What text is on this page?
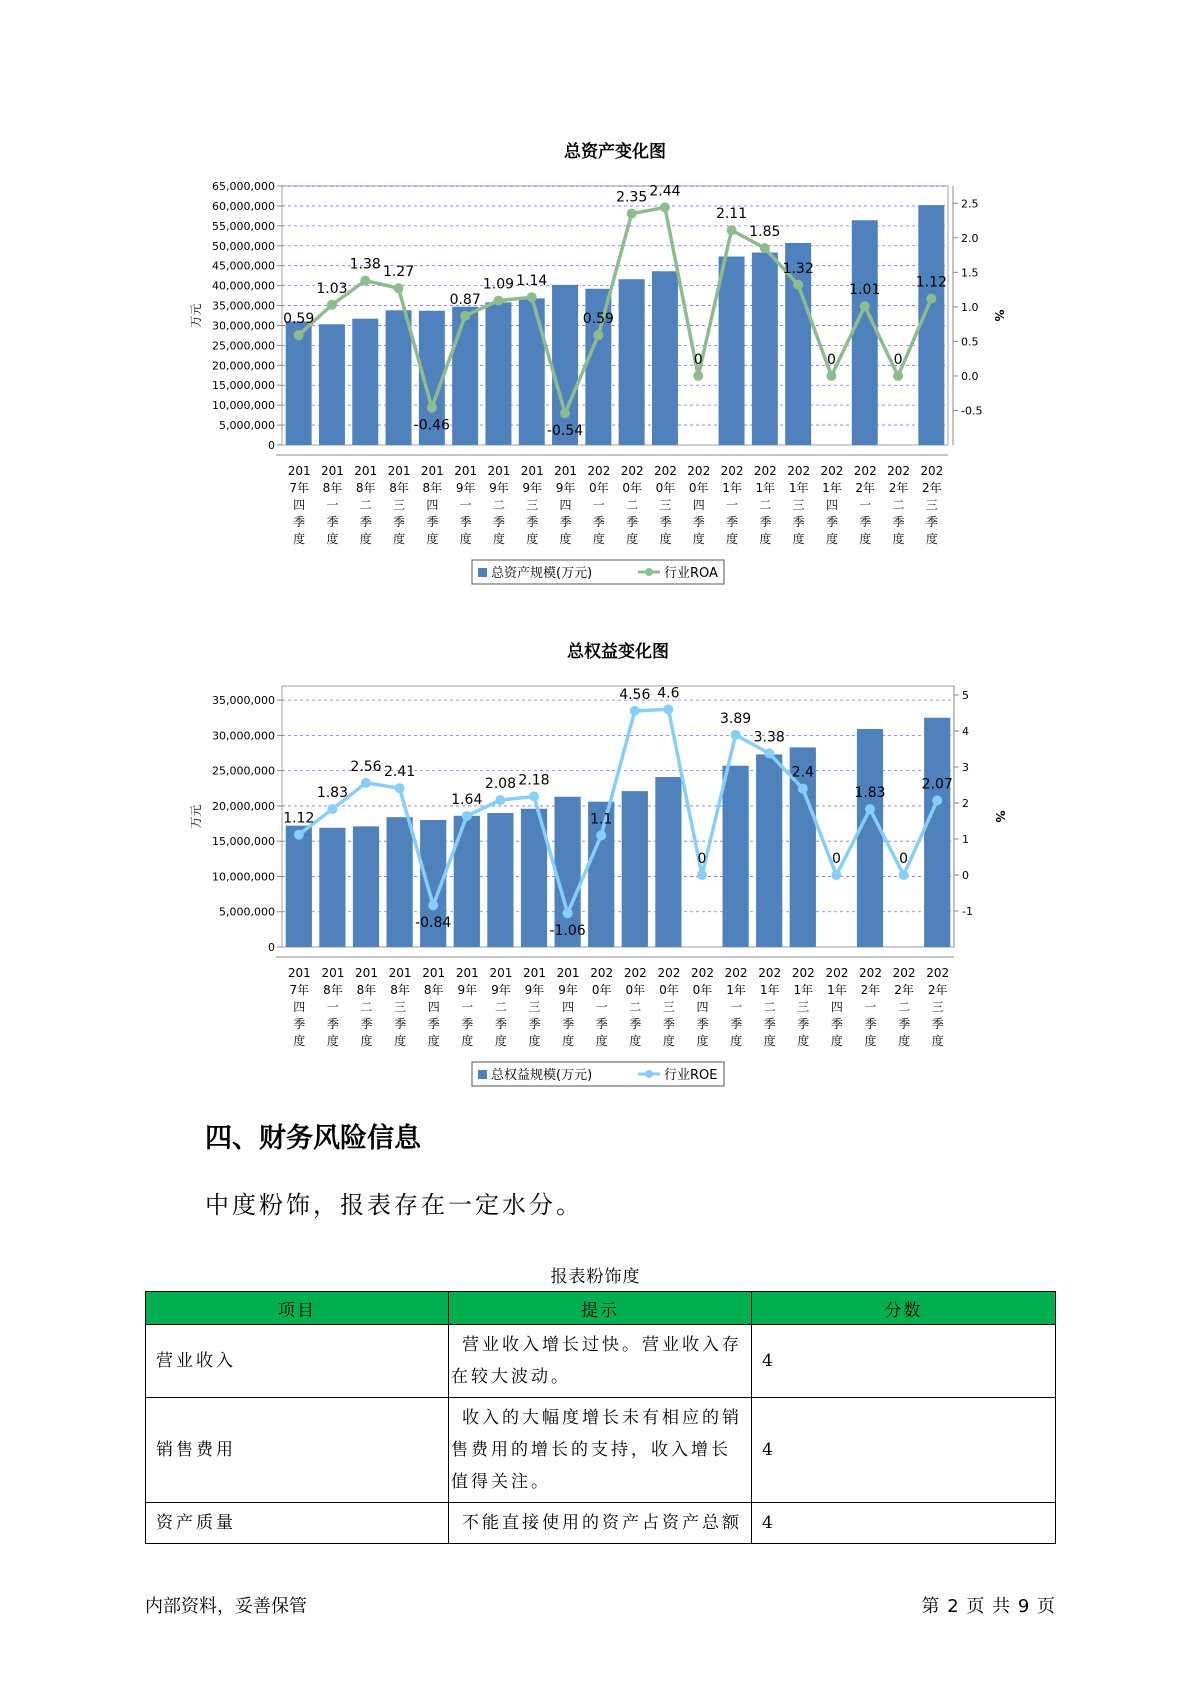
总资产变化图
0
5,000,000
10,000,000
15,000,000
20,000,000
25,000,000
30,000,000
35,000,000
40,000,000
45,000,000
50,000,000
55,000,000
60,000,000
65,000,000
-0.5
0.0
0.5
1.0
1.5
2.0
2.5
万元	%
0.59
1.03
1.38 1.27
-0.46
0.87
1.09 1.14
-0.54
0.59
2.35 2.44
0
2.11
1.85
1.32
0
1.01
0
1.12
201
7年
四
季
度
201
8年
一
季
度
201
8年
二
季
度
201
8年
三
季
度
201
8年
四
季
度
201
9年
一
季
度
201
9年
二
季
度
201
9年
三
季
度
201
9年
四
季
度
202
0年
一
季
度
202
0年
二
季
度
202
0年
三
季
度
202
0年
四
季
度
202
1年
一
季
度
202
1年
二
季
度
202
1年
三
季
度
202
1年
四
季
度
202
2年
一
季
度
202
2年
二
季
度
202
2年
三
季
度
总资产规模(万元)	行业ROA
总权益变化图
0
5,000,000
10,000,000
15,000,000
20,000,000
25,000,000
30,000,000
35,000,000
-1
0
1
2
3
4
5
万元	%
1.12
1.83
2.56 2.41
-0.84
1.64
2.08 2.18
-1.06
1.1
4.56 4.6
0
3.89
3.38
2.4
0
1.83
0
2.07
201
7年
四
季
度
201
8年
一
季
度
201
8年
二
季
度
201
8年
三
季
度
201
8年
四
季
度
201
9年
一
季
度
201
9年
二
季
度
201
9年
三
季
度
201
9年
四
季
度
202
0年
一
季
度
202
0年
二
季
度
202
0年
三
季
度
202
0年
四
季
度
202
1年
一
季
度
202
1年
二
季
度
202
1年
三
季
度
202
1年
四
季
度
202
2年
一
季
度
202
2年
二
季
度
202
2年
三
季
度
总权益规模(万元)	行业ROE
四、财务风险信息

中度粉饰，报表存在一定水分。

报表粉饰度
项目	提示	分数
营业收入	营业收入增长过快。营业收入存在较大波动。	4
销售费用	收入的大幅度增长未有相应的销售费用的增长的支持，收入增长值得关注。	4
资产质量	不能直接使用的资产占资产总额	4
内部资料，妥善保管	第 2 页 共 9 页
